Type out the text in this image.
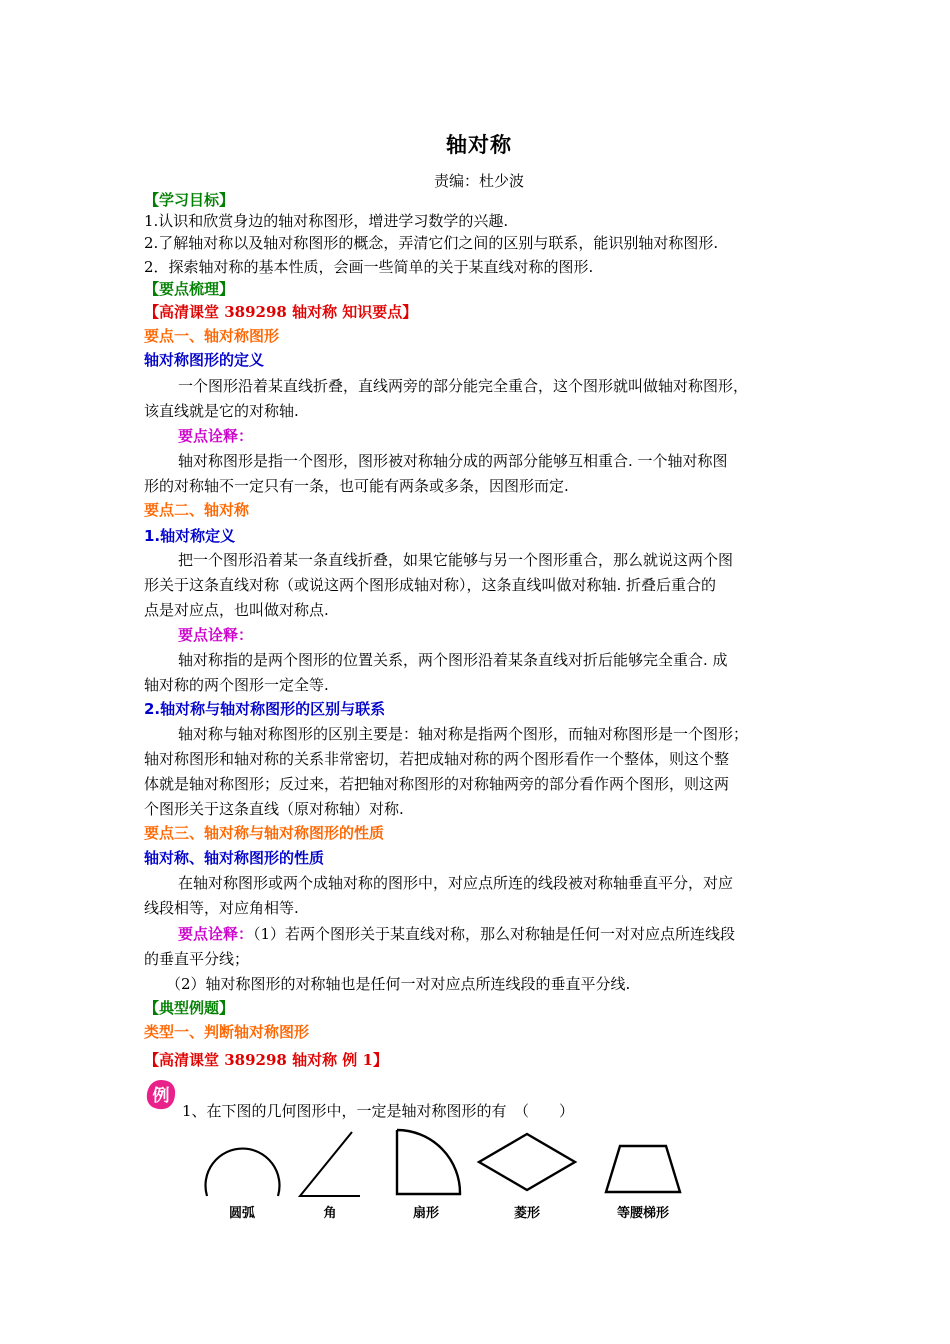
轴对称
责编：杜少波
【学习目标】
1.认识和欣赏身边的轴对称图形，增进学习数学的兴趣.
2.了解轴对称以及轴对称图形的概念，弄清它们之间的区别与联系，能识别轴对称图形.
2．探索轴对称的基本性质，会画一些简单的关于某直线对称的图形.
【要点梳理】
【高清课堂 389298 轴对称 知识要点】
要点一、轴对称图形
轴对称图形的定义
一个图形沿着某直线折叠，直线两旁的部分能完全重合，这个图形就叫做轴对称图形，
该直线就是它的对称轴.
要点诠释：
轴对称图形是指一个图形，图形被对称轴分成的两部分能够互相重合. 一个轴对称图
形的对称轴不一定只有一条，也可能有两条或多条，因图形而定.
要点二、轴对称
1.轴对称定义
把一个图形沿着某一条直线折叠，如果它能够与另一个图形重合，那么就说这两个图
形关于这条直线对称（或说这两个图形成轴对称），这条直线叫做对称轴. 折叠后重合的
点是对应点，也叫做对称点.
要点诠释：
轴对称指的是两个图形的位置关系，两个图形沿着某条直线对折后能够完全重合. 成
轴对称的两个图形一定全等.
2.轴对称与轴对称图形的区别与联系
轴对称与轴对称图形的区别主要是：轴对称是指两个图形，而轴对称图形是一个图形；
轴对称图形和轴对称的关系非常密切，若把成轴对称的两个图形看作一个整体，则这个整
体就是轴对称图形；反过来，若把轴对称图形的对称轴两旁的部分看作两个图形，则这两
个图形关于这条直线（原对称轴）对称.
要点三、轴对称与轴对称图形的性质
轴对称、轴对称图形的性质
在轴对称图形或两个成轴对称的图形中，对应点所连的线段被对称轴垂直平分，对应
线段相等，对应角相等.
要点诠释：（1）若两个图形关于某直线对称，那么对称轴是任何一对对应点所连线段
的垂直平分线；
（2）轴对称图形的对称轴也是任何一对对应点所连线段的垂直平分线.
【典型例题】
类型一、判断轴对称图形
【高清课堂 389298 轴对称 例 1】
例
1、在下图的几何图形中，一定是轴对称图形的有　（　　）
圆弧	角	扇形	菱形	等腰梯形
